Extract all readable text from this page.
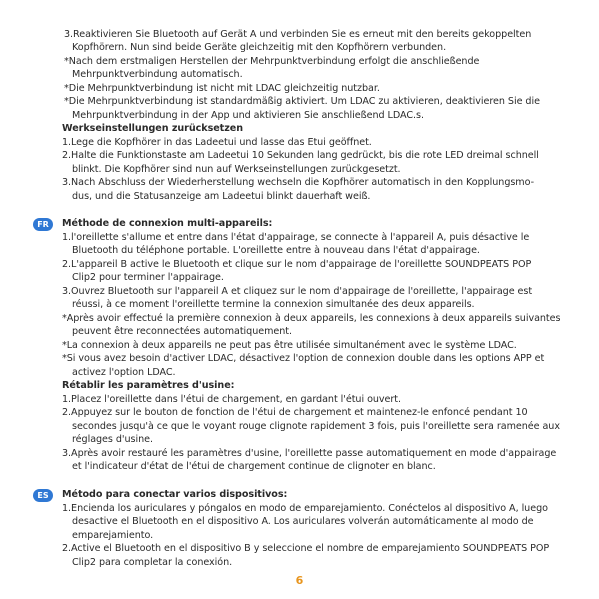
3.Reaktivieren Sie Bluetooth auf Gerät A und verbinden Sie es erneut mit den bereits gekoppelten
Kopfhörern. Nun sind beide Geräte gleichzeitig mit den Kopfhörern verbunden.
*Nach dem erstmaligen Herstellen der Mehrpunktverbindung erfolgt die anschließende
Mehrpunktverbindung automatisch.
*Die Mehrpunktverbindung ist nicht mit LDAC gleichzeitig nutzbar.
*Die Mehrpunktverbindung ist standardmäßig aktiviert. Um LDAC zu aktivieren, deaktivieren Sie die
Mehrpunktverbindung in der App und aktivieren Sie anschließend LDAC.s.
Werkseinstellungen zurücksetzen
1.Lege die Kopfhörer in das Ladeetui und lasse das Etui geöffnet.
2.Halte die Funktionstaste am Ladeetui 10 Sekunden lang gedrückt, bis die rote LED dreimal schnell
blinkt. Die Kopfhörer sind nun auf Werkseinstellungen zurückgesetzt.
3.Nach Abschluss der Wiederherstellung wechseln die Kopfhörer automatisch in den Kopplungsmo-
dus, und die Statusanzeige am Ladeetui blinkt dauerhaft weiß.
FR	Méthode de connexion multi-appareils:
1.l'oreillette s'allume et entre dans l'état d'appairage, se connecte à l'appareil A, puis désactive le
Bluetooth du téléphone portable. L'oreillette entre à nouveau dans l'état d'appairage.
2.L'appareil B active le Bluetooth et clique sur le nom d'appairage de l'oreillette SOUNDPEATS POP
Clip2 pour terminer l'appairage.
3.Ouvrez Bluetooth sur l'appareil A et cliquez sur le nom d'appairage de l'oreillette, l'appairage est
réussi, à ce moment l'oreillette termine la connexion simultanée des deux appareils.
*Après avoir effectué la première connexion à deux appareils, les connexions à deux appareils suivantes
peuvent être reconnectées automatiquement.
*La connexion à deux appareils ne peut pas être utilisée simultanément avec le système LDAC.
*Si vous avez besoin d'activer LDAC, désactivez l'option de connexion double dans les options APP et
activez l'option LDAC.
Rétablir les paramètres d'usine:
1.Placez l'oreillette dans l'étui de chargement, en gardant l'étui ouvert.
2.Appuyez sur le bouton de fonction de l'étui de chargement et maintenez-le enfoncé pendant 10
secondes jusqu'à ce que le voyant rouge clignote rapidement 3 fois, puis l'oreillette sera ramenée aux
réglages d'usine.
3.Après avoir restauré les paramètres d'usine, l'oreillette passe automatiquement en mode d'appairage
et l'indicateur d'état de l'étui de chargement continue de clignoter en blanc.
ES	Método para conectar varios dispositivos:
1.Encienda los auriculares y póngalos en modo de emparejamiento. Conéctelos al dispositivo A, luego
desactive el Bluetooth en el dispositivo A. Los auriculares volverán automáticamente al modo de
emparejamiento.
2.Active el Bluetooth en el dispositivo B y seleccione el nombre de emparejamiento SOUNDPEATS POP
Clip2 para completar la conexión.
6
